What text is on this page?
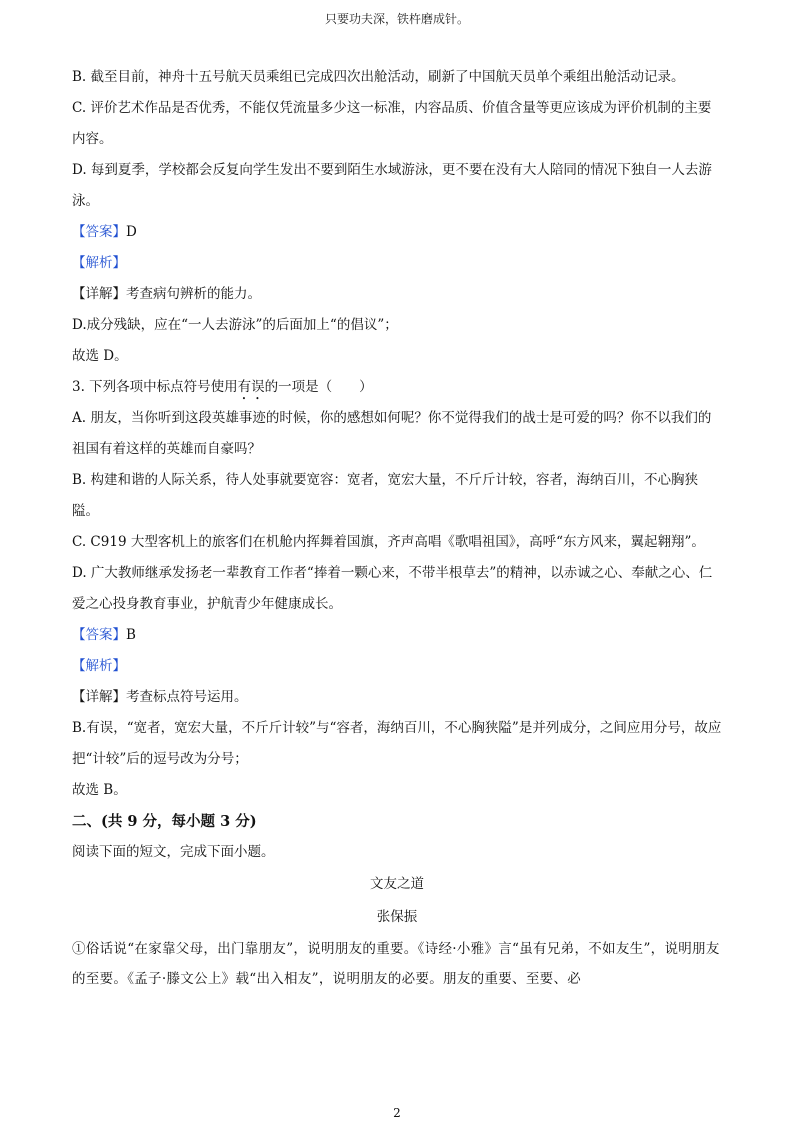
只要功夫深，铁杵磨成针。

B. 截至目前，神舟十五号航天员乘组已完成四次出舱活动，刷新了中国航天员单个乘组出舱活动记录。

C. 评价艺术作品是否优秀，不能仅凭流量多少这一标准，内容品质、价值含量等更应该成为评价机制的主要内容。

D. 每到夏季，学校都会反复向学生发出不要到陌生水域游泳，更不要在没有大人陪同的情况下独自一人去游泳。

【答案】D

【解析】

【详解】考查病句辨析的能力。

D.成分残缺，应在“一人去游泳”的后面加上“的倡议”；

故选 D。

3. 下列各项中标点符号使用有误的一项是（　　）

A. 朋友，当你听到这段英雄事迹的时候，你的感想如何呢？你不觉得我们的战士是可爱的吗？你不以我们的祖国有着这样的英雄而自豪吗？

B. 构建和谐的人际关系，待人处事就要宽容：宽者，宽宏大量，不斤斤计较，容者，海纳百川，不心胸狭隘。

C. C919 大型客机上的旅客们在机舱内挥舞着国旗，齐声高唱《歌唱祖国》，高呼“东方风来，翼起翱翔”。

D. 广大教师继承发扬老一辈教育工作者“捧着一颗心来，不带半根草去”的精神，以赤诚之心、奉献之心、仁爱之心投身教育事业，护航青少年健康成长。

【答案】B

【解析】

【详解】考查标点符号运用。

B.有误，“宽者，宽宏大量，不斤斤计较”与“容者，海纳百川，不心胸狭隘”是并列成分，之间应用分号，故应把“计较”后的逗号改为分号；

故选 B。

二、(共 9 分，每小题 3 分)

阅读下面的短文，完成下面小题。

文友之道

张保振

①俗话说“在家靠父母，出门靠朋友”，说明朋友的重要。《诗经·小雅》言“虽有兄弟，不如友生”，说明朋友的至要。《孟子·滕文公上》载“出入相友”，说明朋友的必要。朋友的重要、至要、必

2
